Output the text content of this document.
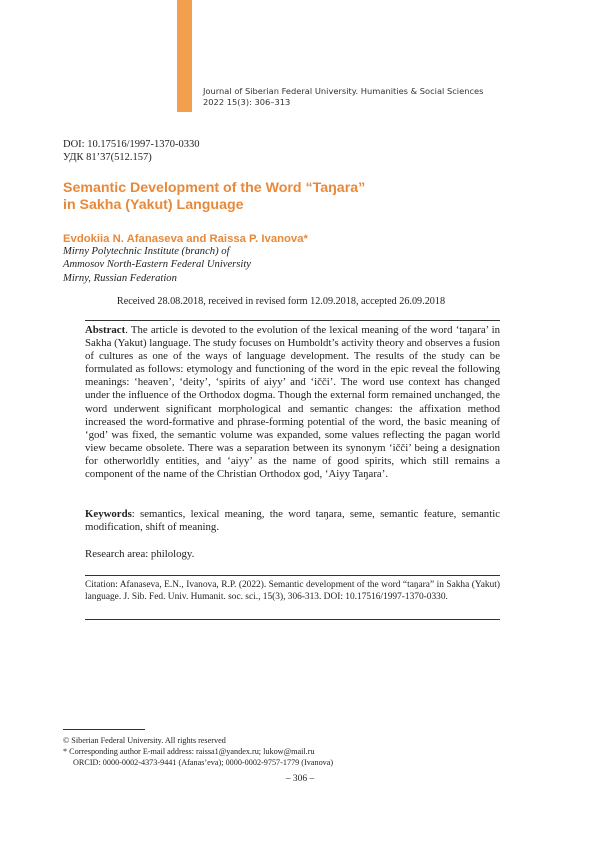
Journal of Siberian Federal University. Humanities & Social Sciences
2022 15(3): 306–313
DOI: 10.17516/1997-1370-0330
УДК 81’37(512.157)
Semantic Development of the Word “Taŋara”
in Sakha (Yakut) Language
Evdokiia N. Afanaseva and Raissa P. Ivanova*
Mirny Polytechnic Institute (branch) of
Ammosov North-Eastern Federal University
Mirny, Russian Federation
Received 28.08.2018, received in revised form 12.09.2018, accepted 26.09.2018
Abstract. The article is devoted to the evolution of the lexical meaning of the word ‘taŋara’ in Sakha (Yakut) language. The study focuses on Humboldt’s activity theory and observes a fusion of cultures as one of the ways of language development. The results of the study can be formulated as follows: etymology and functioning of the word in the epic reveal the following meanings: ‘heaven’, ‘deity’, ‘spirits of aiyy’ and ‘iččі’. The word use context has changed under the influence of the Orthodox dogma. Though the external form remained unchanged, the word underwent significant morphological and semantic changes: the affixation method increased the word-formative and phrase-forming potential of the word, the basic meaning of ‘god’ was fixed, the semantic volume was expanded, some values reflecting the pagan world view became obsolete. There was a separation between its synonym ‘iččі’ being a designation for otherworldly entities, and ‘aiyy’ as the name of good spirits, which still remains a component of the name of the Christian Orthodox god, ‘Aiyy Taŋara’.
Keywords: semantics, lexical meaning, the word taŋara, seme, semantic feature, semantic modification, shift of meaning.
Research area: philology.
Citation: Afanaseva, E.N., Ivanova, R.P. (2022). Semantic development of the word “taŋara” in Sakha (Yakut) language. J. Sib. Fed. Univ. Humanit. soc. sci., 15(3), 306-313. DOI: 10.17516/1997-1370-0330.
© Siberian Federal University. All rights reserved
* Corresponding author E-mail address: raissa1@yandex.ru; lukow@mail.ru
ORCID: 0000-0002-4373-9441 (Afanas’eva); 0000-0002-9757-1779 (Ivanova)
– 306 –
